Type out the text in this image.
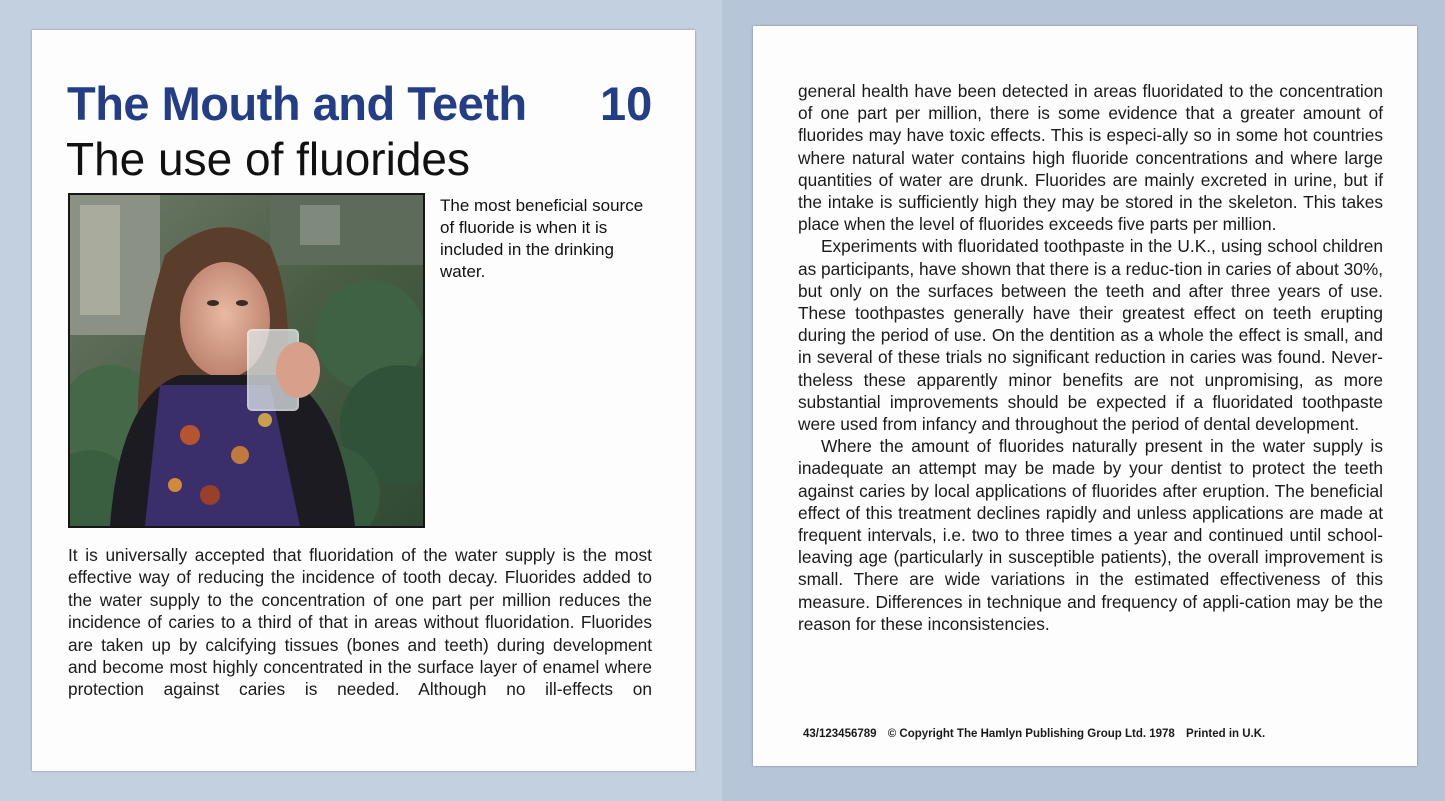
The Mouth and Teeth 10
The use of fluorides
The most beneficial source of fluoride is when it is included in the drinking water.
It is universally accepted that fluoridation of the water supply is the most effective way of reducing the incidence of tooth decay. Fluorides added to the water supply to the concentration of one part per million reduces the incidence of caries to a third of that in areas without fluoridation. Fluorides are taken up by calcifying tissues (bones and teeth) during development and become most highly concentrated in the surface layer of enamel where protection against caries is needed. Although no ill-effects on

general health have been detected in areas fluoridated to the concentration of one part per million, there is some evidence that a greater amount of fluorides may have toxic effects. This is especi-ally so in some hot countries where natural water contains high fluoride concentrations and where large quantities of water are drunk. Fluorides are mainly excreted in urine, but if the intake is sufficiently high they may be stored in the skeleton. This takes place when the level of fluorides exceeds five parts per million.

Experiments with fluoridated toothpaste in the U.K., using school children as participants, have shown that there is a reduc-tion in caries of about 30%, but only on the surfaces between the teeth and after three years of use. These toothpastes generally have their greatest effect on teeth erupting during the period of use. On the dentition as a whole the effect is small, and in several of these trials no significant reduction in caries was found. Never-theless these apparently minor benefits are not unpromising, as more substantial improvements should be expected if a fluoridated toothpaste were used from infancy and throughout the period of dental development.

Where the amount of fluorides naturally present in the water supply is inadequate an attempt may be made by your dentist to protect the teeth against caries by local applications of fluorides after eruption. The beneficial effect of this treatment declines rapidly and unless applications are made at frequent intervals, i.e. two to three times a year and continued until school-leaving age (particularly in susceptible patients), the overall improvement is small. There are wide variations in the estimated effectiveness of this measure. Differences in technique and frequency of appli-cation may be the reason for these inconsistencies.

43/123456789 © Copyright The Hamlyn Publishing Group Ltd. 1978 Printed in U.K.
